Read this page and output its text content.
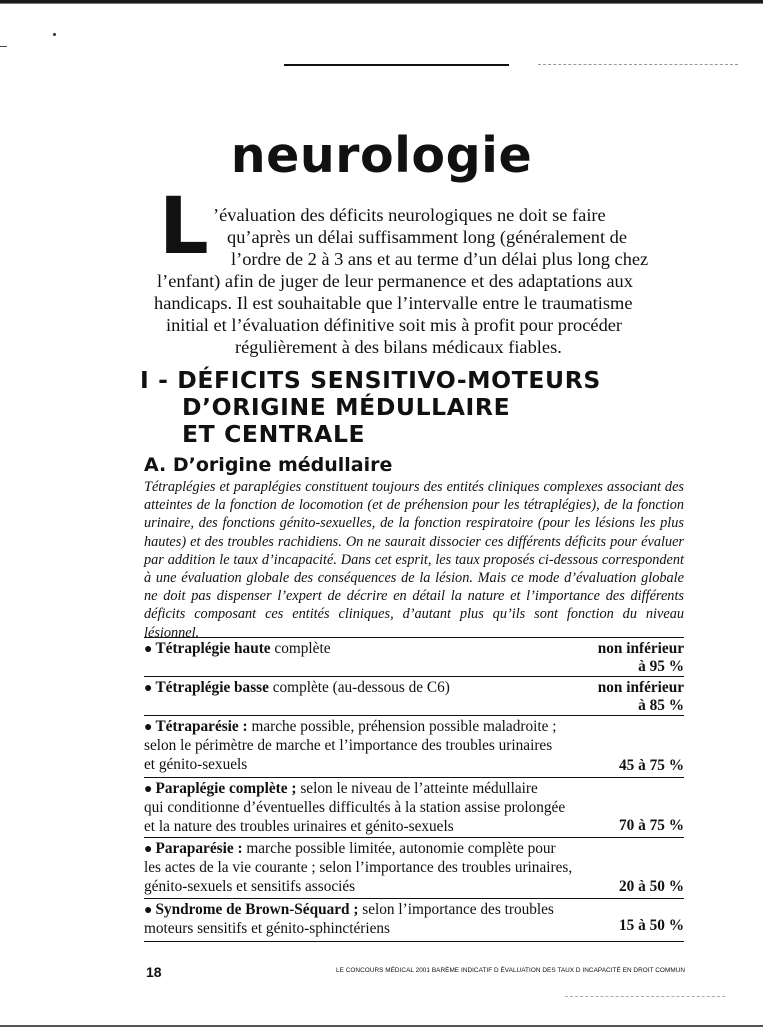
neurologie
L ’évaluation des déficits neurologiques ne doit se faire
qu’après un délai suffisamment long (généralement de
l’ordre de 2 à 3 ans et au terme d’un délai plus long chez
l’enfant) afin de juger de leur permanence et des adaptations aux
handicaps. Il est souhaitable que l’intervalle entre le traumatisme
initial et l’évaluation définitive soit mis à profit pour procéder
régulièrement à des bilans médicaux fiables.
I - DÉFICITS SENSITIVO-MOTEURS
D’ORIGINE MÉDULLAIRE
ET CENTRALE
A. D’origine médullaire

Tétraplégies et paraplégies constituent toujours des entités cliniques complexes associant des atteintes de la fonction de locomotion (et de préhension pour les tétraplégies), de la fonction urinaire, des fonctions génito-sexuelles, de la fonction respiratoire (pour les lésions les plus hautes) et des troubles rachidiens. On ne saurait dissocier ces différents déficits pour évaluer par addition le taux d’incapacité. Dans cet esprit, les taux proposés ci-dessous correspondent à une évaluation globale des conséquences de la lésion. Mais ce mode d’évaluation globale ne doit pas dispenser l’expert de décrire en détail la nature et l’importance des différents déficits composant ces entités cliniques, d’autant plus qu’ils sont fonction du niveau lésionnel.

● Tétraplégie haute complète	non inférieur
à 95 %
● Tétraplégie basse complète (au-dessous de C6)	non inférieur
à 85 %
● Tétraparésie : marche possible, préhension possible maladroite ;
selon le périmètre de marche et l’importance des troubles urinaires
et génito-sexuels	45 à 75 %
● Paraplégie complète ; selon le niveau de l’atteinte médullaire
qui conditionne d’éventuelles difficultés à la station assise prolongée
et la nature des troubles urinaires et génito-sexuels	70 à 75 %
● Paraparésie : marche possible limitée, autonomie complète pour
les actes de la vie courante ; selon l’importance des troubles urinaires,
génito-sexuels et sensitifs associés	20 à 50 %
● Syndrome de Brown-Séquard ; selon l’importance des troubles
moteurs sensitifs et génito-sphinctériens	15 à 50 %
18	LE CONCOURS MÉDICAL 2001 BARÈME INDICATIF D ÉVALUATION DES TAUX D INCAPACITÉ EN DROIT COMMUN
